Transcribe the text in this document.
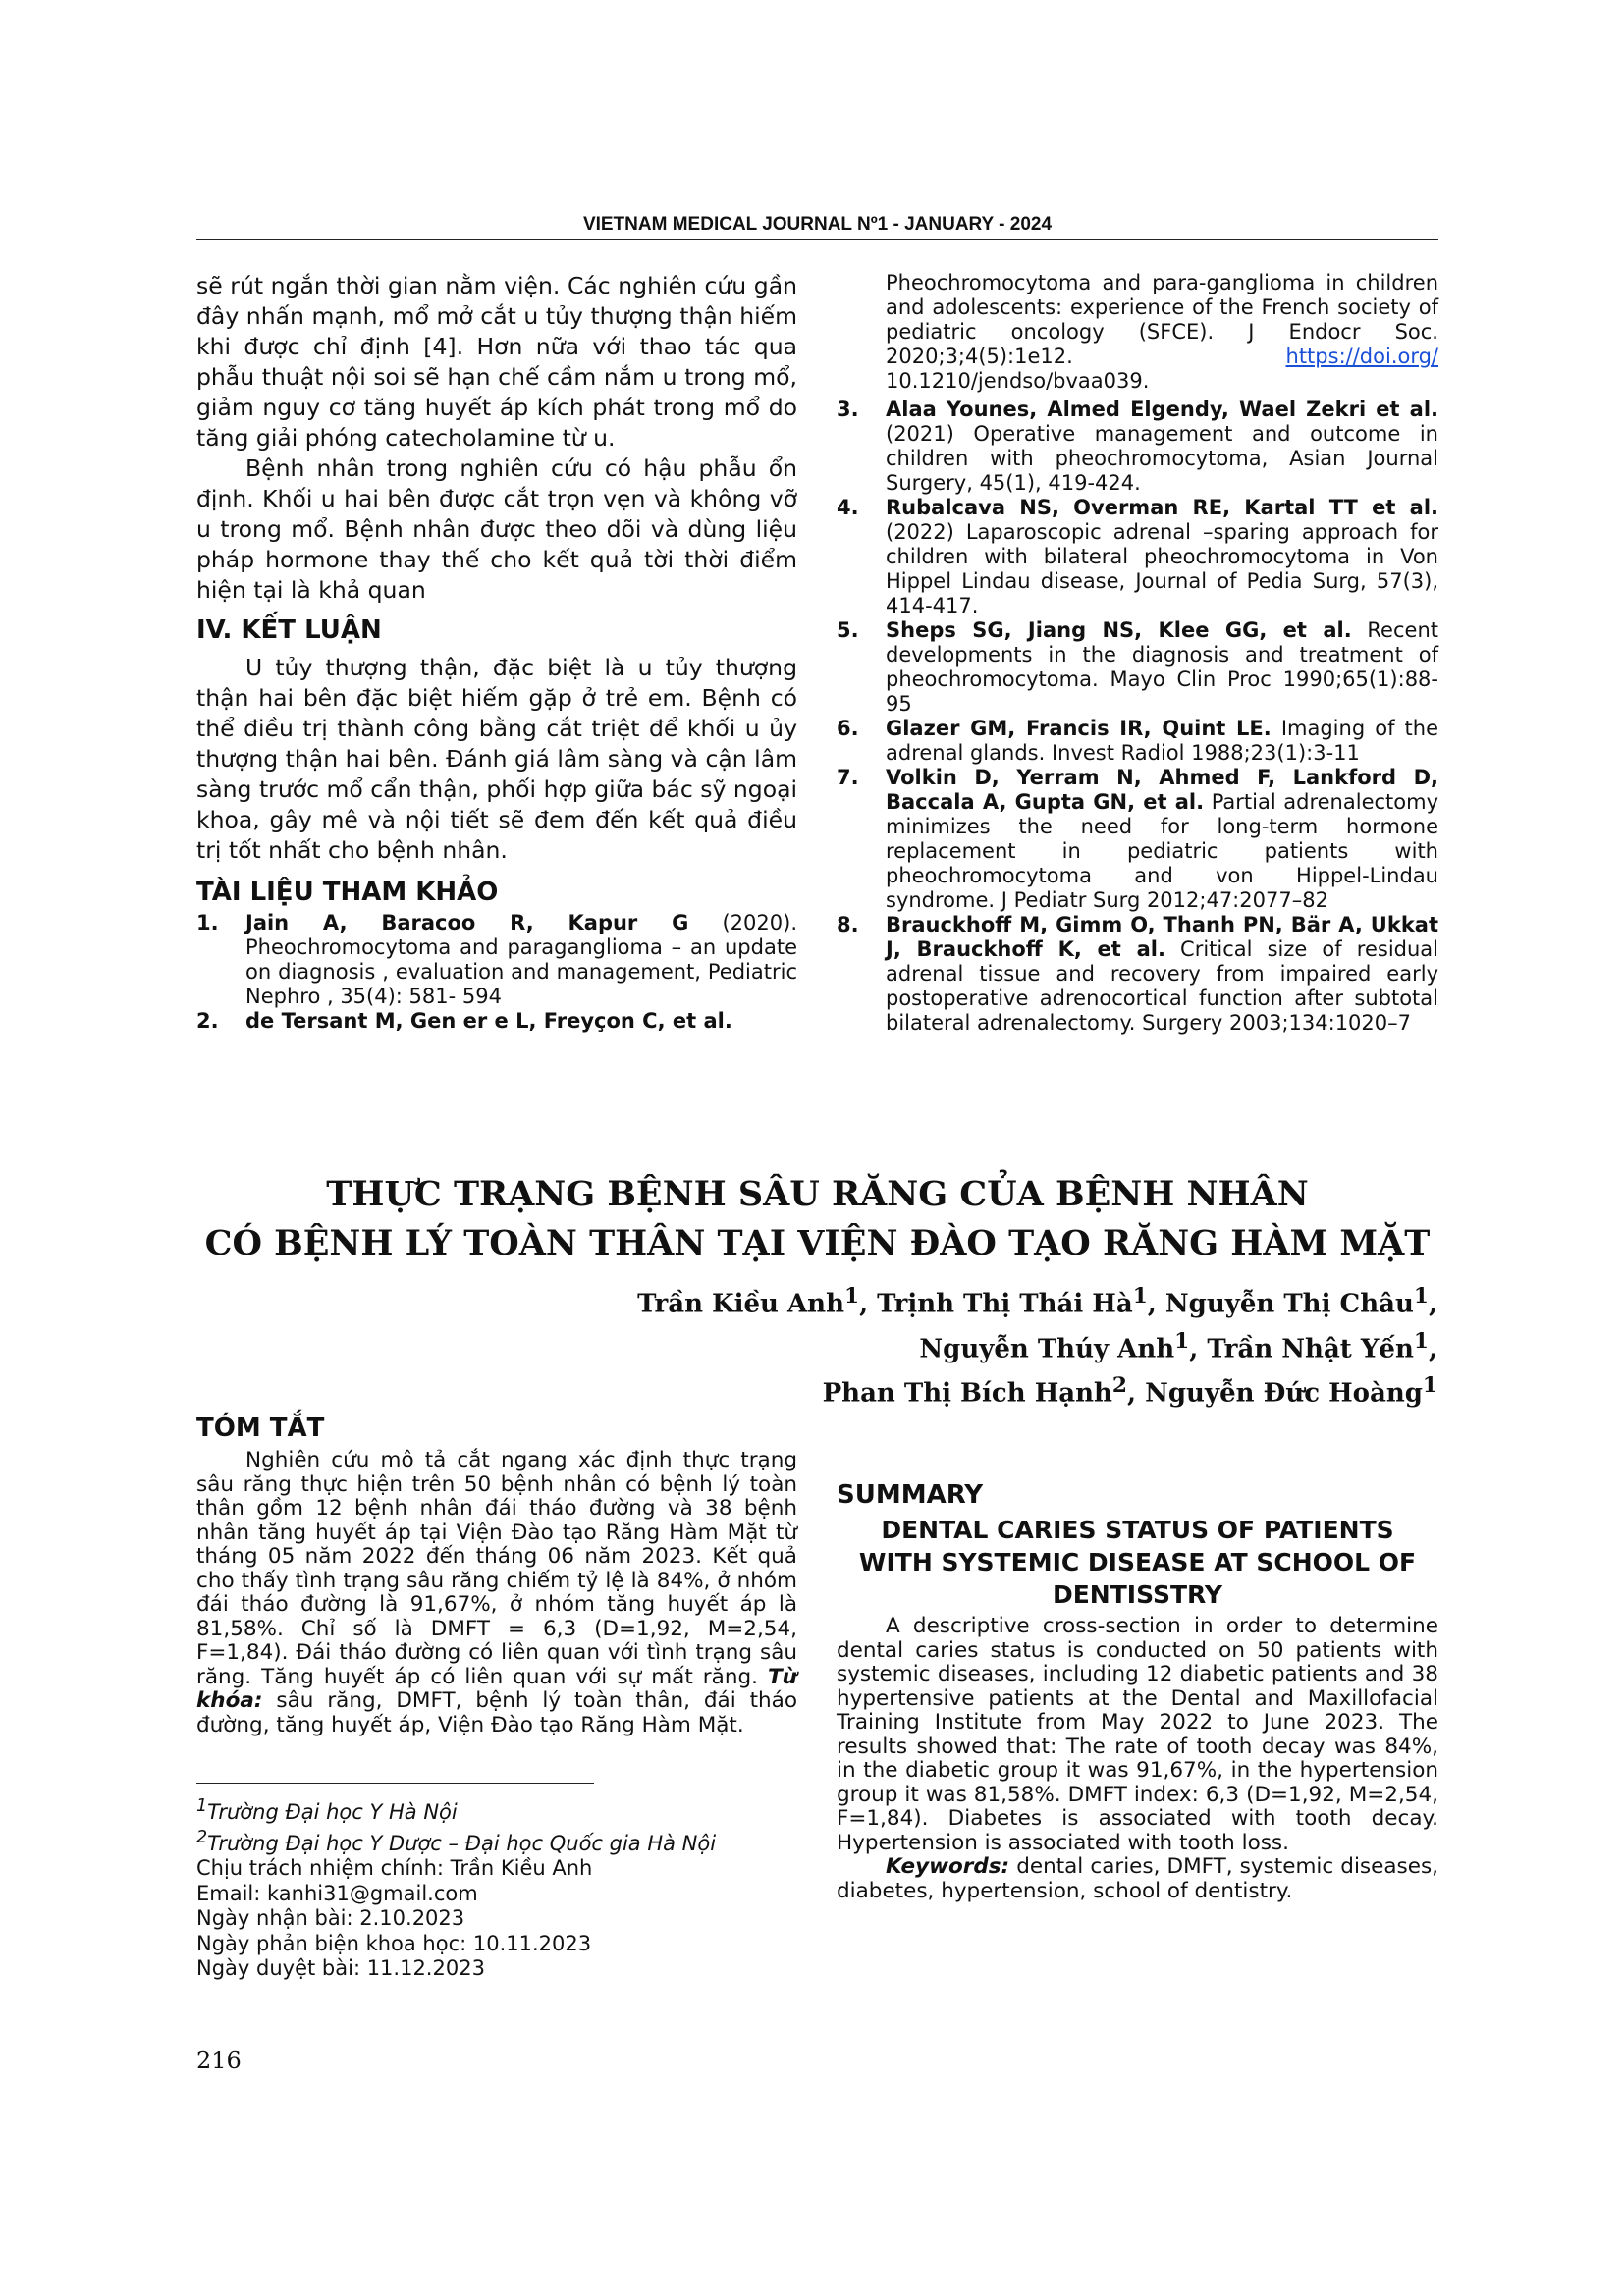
VIETNAM MEDICAL JOURNAL Nº1 - JANUARY - 2024

sẽ rút ngắn thời gian nằm viện. Các nghiên cứu gần đây nhấn mạnh, mổ mở cắt u tủy thượng thận hiếm khi được chỉ định [4]. Hơn nữa với thao tác qua phẫu thuật nội soi sẽ hạn chế cầm nắm u trong mổ, giảm nguy cơ tăng huyết áp kích phát trong mổ do tăng giải phóng catecholamine từ u.

Bệnh nhân trong nghiên cứu có hậu phẫu ổn định. Khối u hai bên được cắt trọn vẹn và không vỡ u trong mổ. Bệnh nhân được theo dõi và dùng liệu pháp hormone thay thế cho kết quả tời thời điểm hiện tại là khả quan

IV. KẾT LUẬN

U tủy thượng thận, đặc biệt là u tủy thượng thận hai bên đặc biệt hiếm gặp ở trẻ em. Bệnh có thể điều trị thành công bằng cắt triệt để khối u ủy thượng thận hai bên. Đánh giá lâm sàng và cận lâm sàng trước mổ cẩn thận, phối hợp giữa bác sỹ ngoại khoa, gây mê và nội tiết sẽ đem đến kết quả điều trị tốt nhất cho bệnh nhân.

TÀI LIỆU THAM KHẢO
1.	Jain A, Baracoo R, Kapur G (2020). Pheochromocytoma and paraganglioma – an update on diagnosis , evaluation and management, Pediatric Nephro , 35(4): 581- 594
2.	de Tersant M, Gen er e L, Freyçon C, et al.
Pheochromocytoma and para-ganglioma in children and adolescents: experience of the French society of pediatric oncology (SFCE). J Endocr Soc. 2020;3;4(5):1e12. https://doi.org/ 10.1210/jendso/bvaa039.
3.	Alaa Younes, Almed Elgendy, Wael Zekri et al. (2021) Operative management and outcome in children with pheochromocytoma, Asian Journal Surgery, 45(1), 419-424.
4.	Rubalcava NS, Overman RE, Kartal TT et al. (2022) Laparoscopic adrenal –sparing approach for children with bilateral pheochromocytoma in Von Hippel Lindau disease, Journal of Pedia Surg, 57(3), 414-417.
5.	Sheps SG, Jiang NS, Klee GG, et al. Recent developments in the diagnosis and treatment of pheochromocytoma. Mayo Clin Proc 1990;65(1):88-95
6.	Glazer GM, Francis IR, Quint LE. Imaging of the adrenal glands. Invest Radiol 1988;23(1):3-11
7.	Volkin D, Yerram N, Ahmed F, Lankford D, Baccala A, Gupta GN, et al. Partial adrenalectomy minimizes the need for long-term hormone replacement in pediatric patients with pheochromocytoma and von Hippel-Lindau syndrome. J Pediatr Surg 2012;47:2077–82
8.	Brauckhoff M, Gimm O, Thanh PN, Bär A, Ukkat J, Brauckhoff K, et al. Critical size of residual adrenal tissue and recovery from impaired early postoperative adrenocortical function after subtotal bilateral adrenalectomy. Surgery 2003;134:1020–7
THỰC TRẠNG BỆNH SÂU RĂNG CỦA BỆNH NHÂN
CÓ BỆNH LÝ TOÀN THÂN TẠI VIỆN ĐÀO TẠO RĂNG HÀM MẶT
Trần Kiều Anh$^1$, Trịnh Thị Thái $Hà^1$, Nguyễn Thị Châu$^1$,
Nguyễn Thúy Anh$^1$, Trần Nhật Yến$^1$,
Phan Thị Bích Hạnh$^2$, Nguyễn Đức Hoàng$^1$
TÓM TẮT

Nghiên cứu mô tả cắt ngang xác định thực trạng sâu răng thực hiện trên 50 bệnh nhân có bệnh lý toàn thân gồm 12 bệnh nhân đái tháo đường và 38 bệnh nhân tăng huyết áp tại Viện Đào tạo Răng Hàm Mặt từ tháng 05 năm 2022 đến tháng 06 năm 2023. Kết quả cho thấy tình trạng sâu răng chiếm tỷ lệ là 84%, ở nhóm đái tháo đường là 91,67%, ở nhóm tăng huyết áp là 81,58%. Chỉ số là DMFT = 6,3 (D=1,92, M=2,54, F=1,84). Đái tháo đường có liên quan với tình trạng sâu răng. Tăng huyết áp có liên quan với sự mất răng. Từ khóa: sâu răng, DMFT, bệnh lý toàn thân, đái tháo đường, tăng huyết áp, Viện Đào tạo Răng Hàm Mặt.

SUMMARY
DENTAL CARIES STATUS OF PATIENTS
WITH SYSTEMIC DISEASE AT SCHOOL OF
DENTISSTRY

A descriptive cross-section in order to determine dental caries status is conducted on 50 patients with systemic diseases, including 12 diabetic patients and 38 hypertensive patients at the Dental and Maxillofacial Training Institute from May 2022 to June 2023. The results showed that: The rate of tooth decay was 84%, in the diabetic group it was 91,67%, in the hypertension group it was 81,58%. DMFT index: 6,3 (D=1,92, M=2,54, F=1,84). Diabetes is associated with tooth decay. Hypertension is associated with tooth loss.

Keywords: dental caries, DMFT, systemic diseases, diabetes, hypertension, school of dentistry.

$^1$Trường Đại học Y Hà Nội
$^2$Trường Đại học Y Dược – Đại học Quốc gia Hà Nội
Chịu trách nhiệm chính: Trần Kiều Anh
Email: kanhi31@gmail.com
Ngày nhận bài: 2.10.2023
Ngày phản biện khoa học: 10.11.2023
Ngày duyệt bài: 11.12.2023
216
